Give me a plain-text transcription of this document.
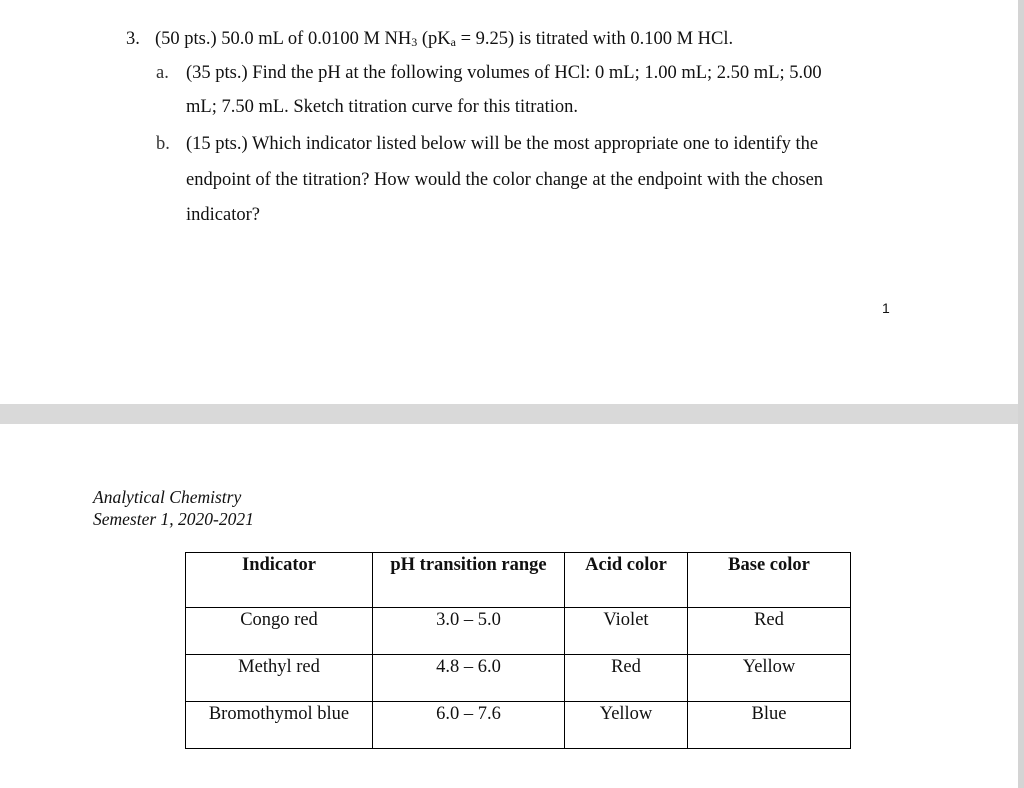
3. (50 pts.) 50.0 mL of 0.0100 M NH3 (pKa = 9.25) is titrated with 0.100 M HCl.
a. (35 pts.) Find the pH at the following volumes of HCl: 0 mL; 1.00 mL; 2.50 mL; 5.00
mL; 7.50 mL. Sketch titration curve for this titration.
b. (15 pts.) Which indicator listed below will be the most appropriate one to identify the
endpoint of the titration? How would the color change at the endpoint with the chosen
indicator?
1
Analytical Chemistry
Semester 1, 2020-2021
Indicator	pH transition range	Acid color	Base color
Congo red	3.0 – 5.0	Violet	Red
Methyl red	4.8 – 6.0	Red	Yellow
Bromothymol blue	6.0 – 7.6	Yellow	Blue
